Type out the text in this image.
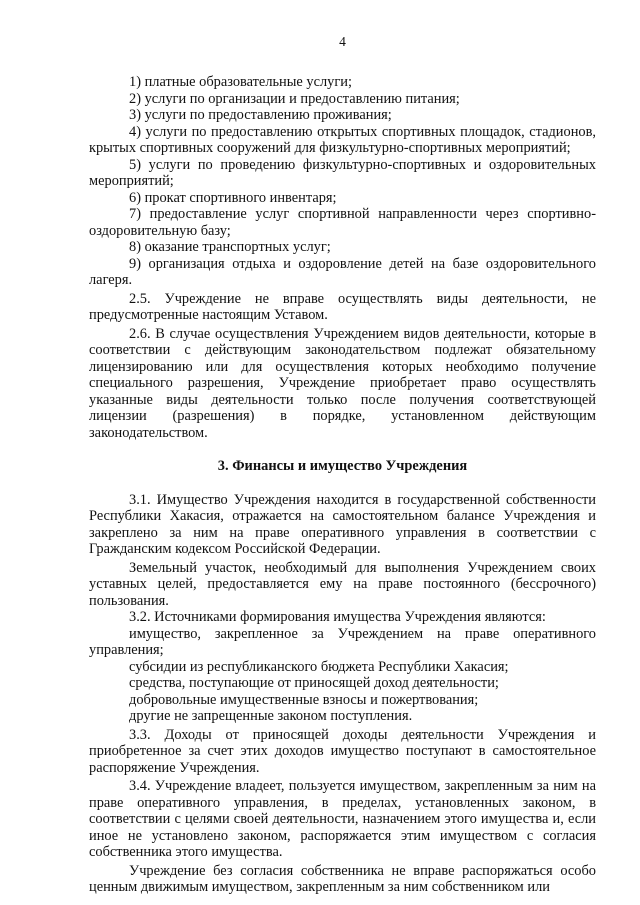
4

1) платные образовательные услуги;

2) услуги по организации и предоставлению питания;

3) услуги по предоставлению проживания;

4) услуги по предоставлению открытых спортивных площадок, стадионов, крытых спортивных сооружений для физкультурно-спортивных мероприятий;

5) услуги по проведению физкультурно-спортивных и оздоровительных мероприятий;

6) прокат спортивного инвентаря;

7) предоставление услуг спортивной направленности через спортивно-оздоровительную базу;

8) оказание транспортных услуг;

9) организация отдыха и оздоровление детей на базе оздоровительного лагеря.

2.5. Учреждение не вправе осуществлять виды деятельности, не предусмотренные настоящим Уставом.

2.6. В случае осуществления Учреждением видов деятельности, которые в соответствии с действующим законодательством подлежат обязательному лицензированию или для осуществления которых необходимо получение специального разрешения, Учреждение приобретает право осуществлять указанные виды деятельности только после получения соответствующей лицензии (разрешения) в порядке, установленном действующим законодательством.

3. Финансы и имущество Учреждения

3.1. Имущество Учреждения находится в государственной собственности Республики Хакасия, отражается на самостоятельном балансе Учреждения и закреплено за ним на праве оперативного управления в соответствии с Гражданским кодексом Российской Федерации.

Земельный участок, необходимый для выполнения Учреждением своих уставных целей, предоставляется ему на праве постоянного (бессрочного) пользования.

3.2. Источниками формирования имущества Учреждения являются:

имущество, закрепленное за Учреждением на праве оперативного управления;

субсидии из республиканского бюджета Республики Хакасия;

средства, поступающие от приносящей доход деятельности;

добровольные имущественные взносы и пожертвования;

другие не запрещенные законом поступления.

3.3. Доходы от приносящей доходы деятельности Учреждения и приобретенное за счет этих доходов имущество поступают в самостоятельное распоряжение Учреждения.

3.4. Учреждение владеет, пользуется имуществом, закрепленным за ним на праве оперативного управления, в пределах, установленных законом, в соответствии с целями своей деятельности, назначением этого имущества и, если иное не установлено законом, распоряжается этим имуществом с согласия собственника этого имущества.

Учреждение без согласия собственника не вправе распоряжаться особо ценным движимым имуществом, закрепленным за ним собственником или
